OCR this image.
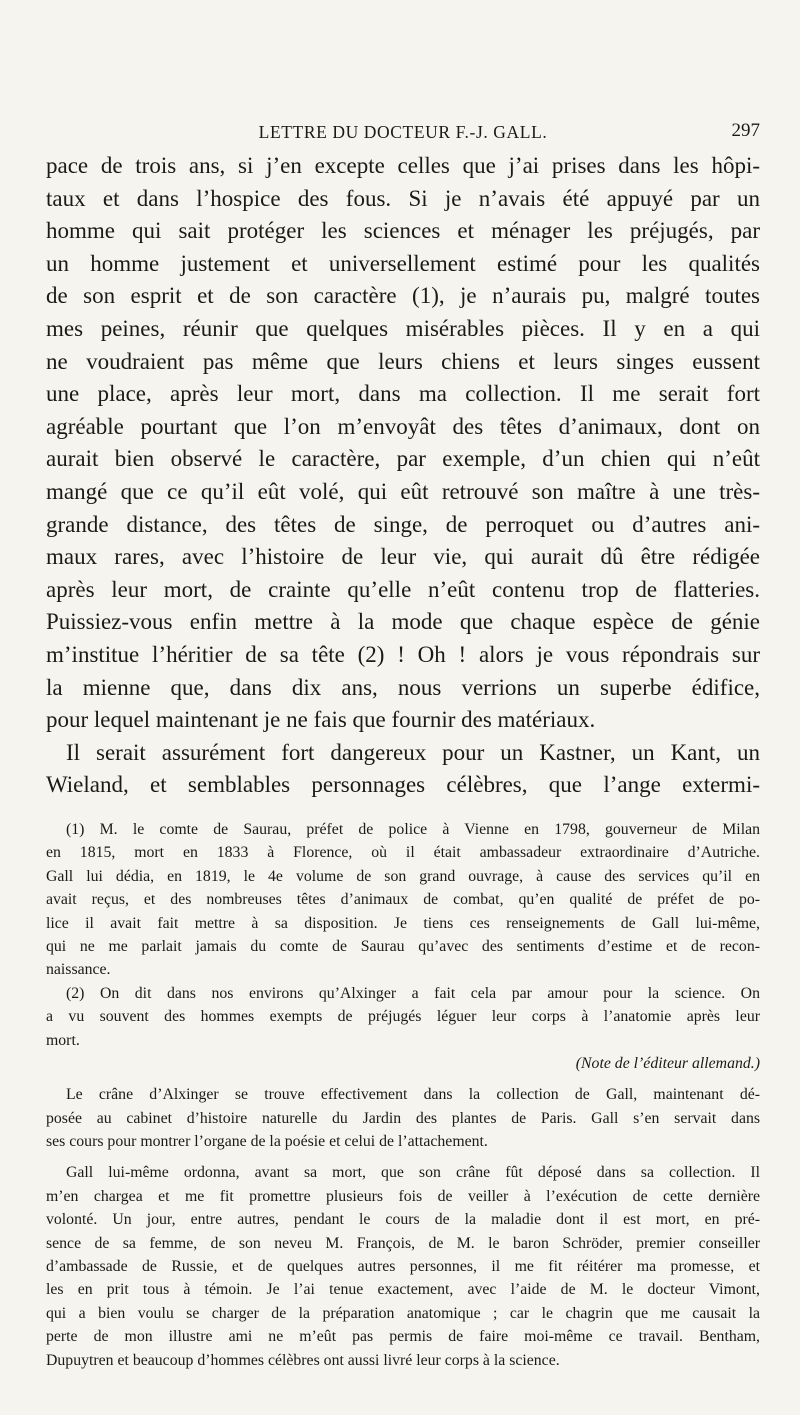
LETTRE DU DOCTEUR F.-J. GALL.	297
pace de trois ans, si j’en excepte celles que j’ai prises dans les hôpi-
taux et dans l’hospice des fous. Si je n’avais été appuyé par un
homme qui sait protéger les sciences et ménager les préjugés, par
un homme justement et universellement estimé pour les qualités
de son esprit et de son caractère (1), je n’aurais pu, malgré toutes
mes peines, réunir que quelques misérables pièces. Il y en a qui
ne voudraient pas même que leurs chiens et leurs singes eussent
une place, après leur mort, dans ma collection. Il me serait fort
agréable pourtant que l’on m’envoyât des têtes d’animaux, dont on
aurait bien observé le caractère, par exemple, d’un chien qui n’eût
mangé que ce qu’il eût volé, qui eût retrouvé son maître à une très-
grande distance, des têtes de singe, de perroquet ou d’autres ani-
maux rares, avec l’histoire de leur vie, qui aurait dû être rédigée
après leur mort, de crainte qu’elle n’eût contenu trop de flatteries.
Puissiez-vous enfin mettre à la mode que chaque espèce de génie
m’institue l’héritier de sa tête (2) ! Oh ! alors je vous répondrais sur
la mienne que, dans dix ans, nous verrions un superbe édifice,
pour lequel maintenant je ne fais que fournir des matériaux.
Il serait assurément fort dangereux pour un Kastner, un Kant, un
Wieland, et semblables personnages célèbres, que l’ange extermi-
(1) M. le comte de Saurau, préfet de police à Vienne en 1798, gouverneur de Milan
en 1815, mort en 1833 à Florence, où il était ambassadeur extraordinaire d’Autriche.
Gall lui dédia, en 1819, le 4e volume de son grand ouvrage, à cause des services qu’il en
avait reçus, et des nombreuses têtes d’animaux de combat, qu’en qualité de préfet de po-
lice il avait fait mettre à sa disposition. Je tiens ces renseignements de Gall lui-même,
qui ne me parlait jamais du comte de Saurau qu’avec des sentiments d’estime et de recon-
naissance.
(2) On dit dans nos environs qu’Alxinger a fait cela par amour pour la science. On
a vu souvent des hommes exempts de préjugés léguer leur corps à l’anatomie après leur
mort.
(Note de l’éditeur allemand.)
Le crâne d’Alxinger se trouve effectivement dans la collection de Gall, maintenant dé-
posée au cabinet d’histoire naturelle du Jardin des plantes de Paris. Gall s’en servait dans
ses cours pour montrer l’organe de la poésie et celui de l’attachement.
Gall lui-même ordonna, avant sa mort, que son crâne fût déposé dans sa collection. Il
m’en chargea et me fit promettre plusieurs fois de veiller à l’exécution de cette dernière
volonté. Un jour, entre autres, pendant le cours de la maladie dont il est mort, en pré-
sence de sa femme, de son neveu M. François, de M. le baron Schröder, premier conseiller
d’ambassade de Russie, et de quelques autres personnes, il me fit réitérer ma promesse, et
les en prit tous à témoin. Je l’ai tenue exactement, avec l’aide de M. le docteur Vimont,
qui a bien voulu se charger de la préparation anatomique ; car le chagrin que me causait la
perte de mon illustre ami ne m’eût pas permis de faire moi-même ce travail. Bentham,
Dupuytren et beaucoup d’hommes célèbres ont aussi livré leur corps à la science.
